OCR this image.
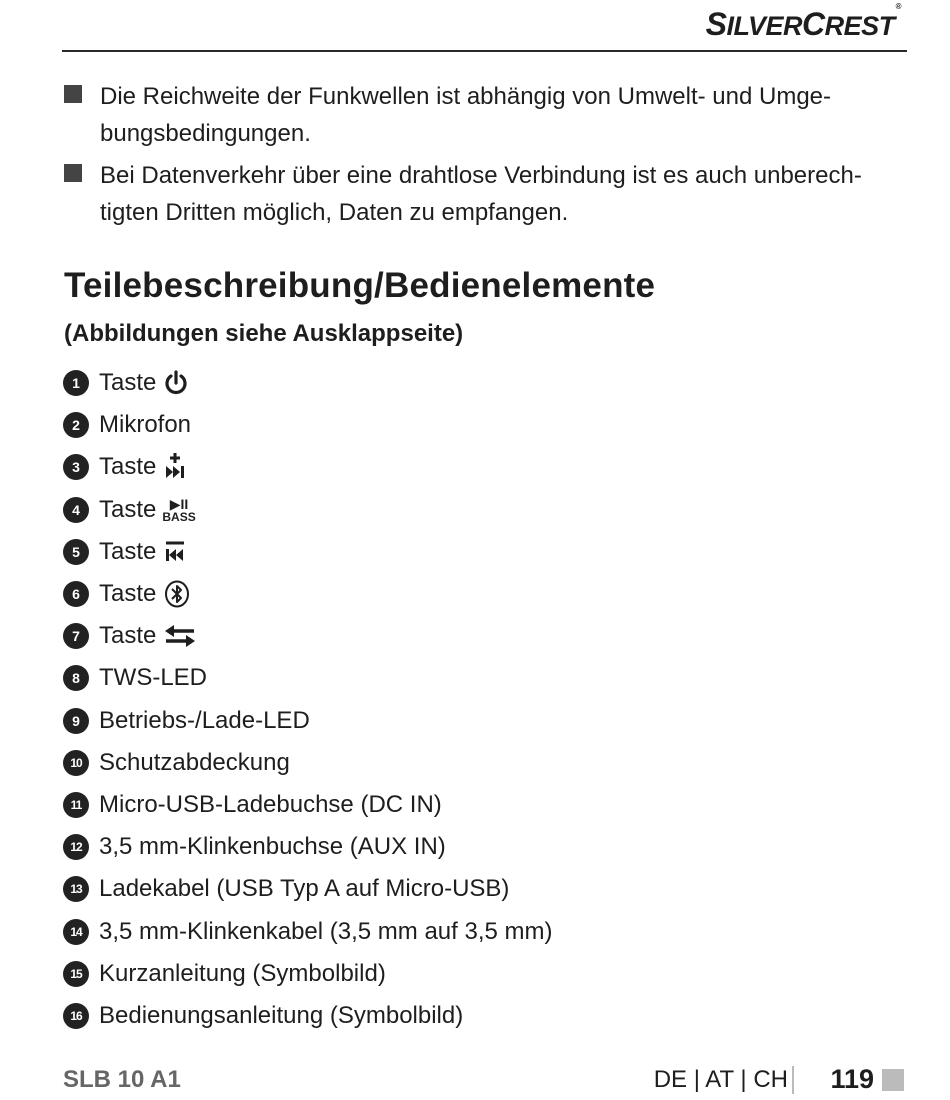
SILVERCREST®
Die Reichweite der Funkwellen ist abhängig von Umwelt- und Umge-
bungsbedingungen.
Bei Datenverkehr über eine drahtlose Verbindung ist es auch unberech-
tigten Dritten möglich, Daten zu empfangen.
Teilebeschreibung/Bedienelemente
(Abbildungen siehe Ausklappseite)
1 Taste
2 Mikrofon
3 Taste
4 Taste ▶II
BASS
5 Taste
6 Taste
7 Taste
8 TWS-LED
9 Betriebs-/Lade-LED
10 Schutzabdeckung
11 Micro-USB-Ladebuchse (DC IN)
12 3,5 mm-Klinkenbuchse (AUX IN)
13 Ladekabel (USB Typ A auf Micro-USB)
14 3,5 mm-Klinkenkabel (3,5 mm auf 3,5 mm)
15 Kurzanleitung (Symbolbild)
16 Bedienungsanleitung (Symbolbild)
SLB 10 A1	DE | AT | CH 119
